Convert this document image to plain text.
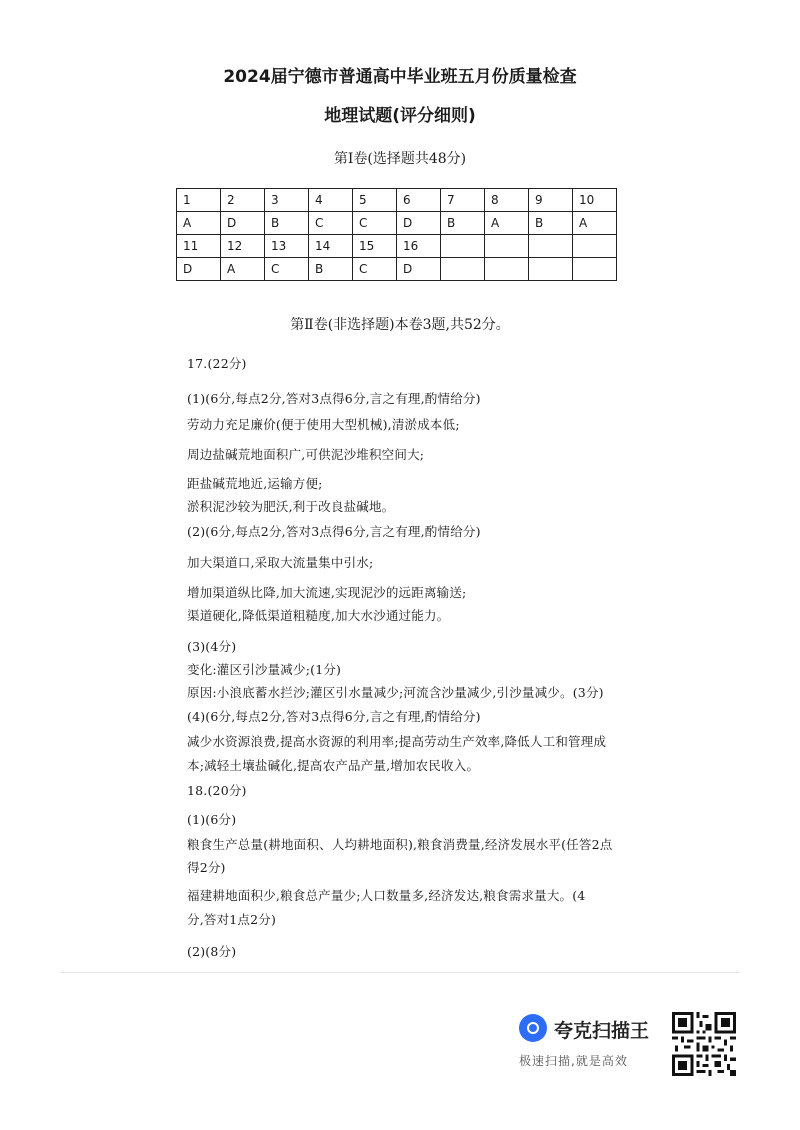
2024届宁德市普通高中毕业班五月份质量检查
地理试题(评分细则)
第Ⅰ卷(选择题共48分)
1	2	3	4	5	6	7	8	9	10
A	D	B	C	C	D	B	A	B	A
11	12	13	14	15	16				
D	A	C	B	C	D				
第Ⅱ卷(非选择题)本卷3题,共52分。
17.(22分)
(1)(6分,每点2分,答对3点得6分,言之有理,酌情给分)
劳动力充足廉价(便于使用大型机械),清淤成本低;
周边盐碱荒地面积广,可供泥沙堆积空间大;
距盐碱荒地近,运输方便;
淤积泥沙较为肥沃,利于改良盐碱地。
(2)(6分,每点2分,答对3点得6分,言之有理,酌情给分)
加大渠道口,采取大流量集中引水;
增加渠道纵比降,加大流速,实现泥沙的远距离输送;
渠道硬化,降低渠道粗糙度,加大水沙通过能力。
(3)(4分)
变化:灌区引沙量减少;(1分)
原因:小浪底蓄水拦沙;灌区引水量减少;河流含沙量减少,引沙量减少。(3分)
(4)(6分,每点2分,答对3点得6分,言之有理,酌情给分)
减少水资源浪费,提高水资源的利用率;提高劳动生产效率,降低人工和管理成
本;减轻土壤盐碱化,提高农产品产量,增加农民收入。
18.(20分)
(1)(6分)
粮食生产总量(耕地面积、人均耕地面积),粮食消费量,经济发展水平(任答2点
得2分)
福建耕地面积少,粮食总产量少;人口数量多,经济发达,粮食需求量大。(4
分,答对1点2分)
(2)(8分)
夸克扫描王
极速扫描,就是高效
